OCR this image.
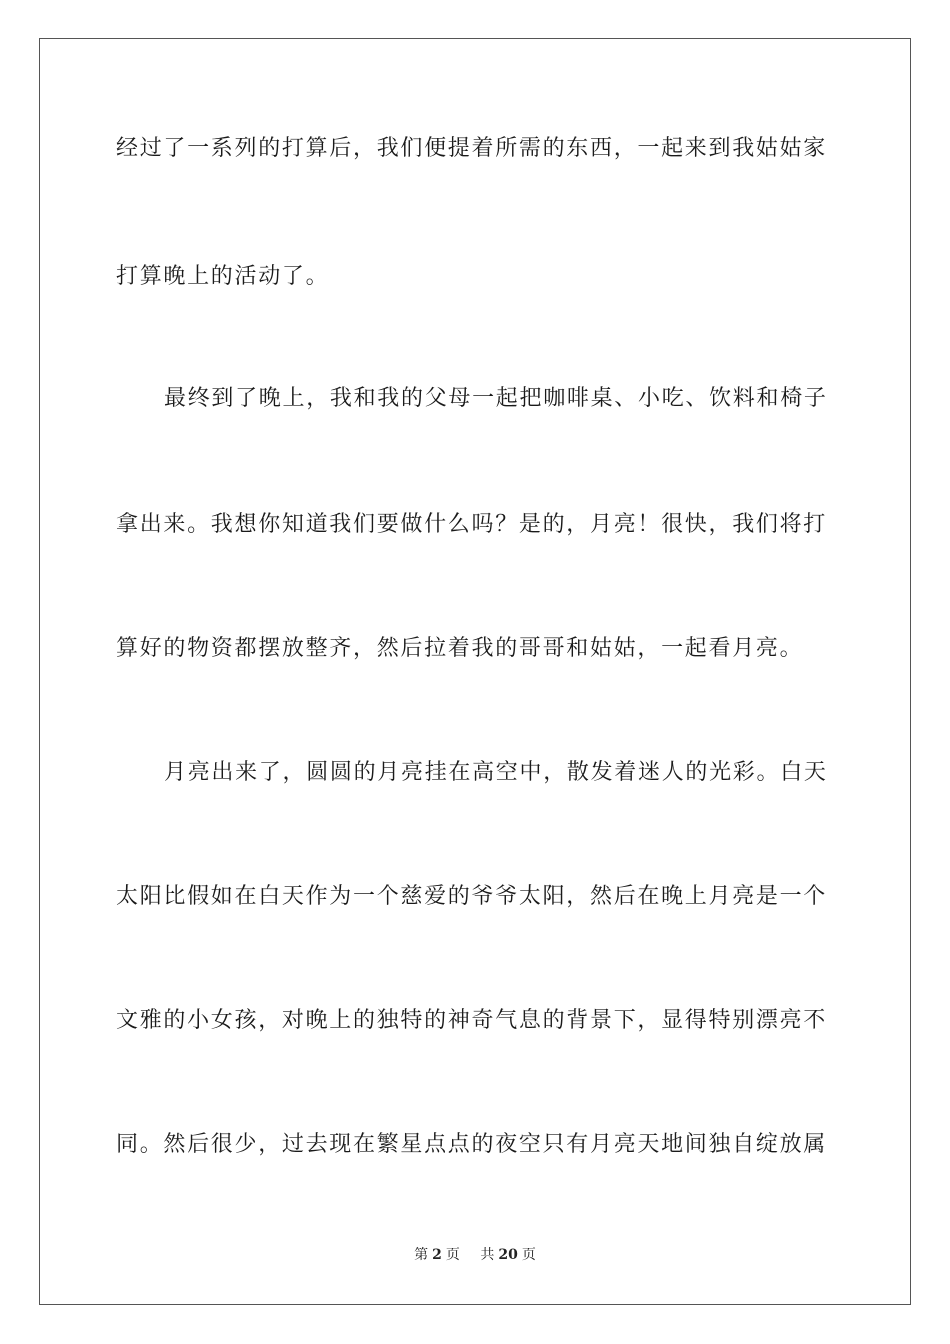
经过了一系列的打算后，我们便提着所需的东西，一起来到我姑姑家
打算晚上的活动了。
最终到了晚上，我和我的父母一起把咖啡桌、小吃、饮料和椅子
拿出来。我想你知道我们要做什么吗？是的，月亮！很快，我们将打
算好的物资都摆放整齐，然后拉着我的哥哥和姑姑，一起看月亮。
月亮出来了，圆圆的月亮挂在高空中，散发着迷人的光彩。白天
太阳比假如在白天作为一个慈爱的爷爷太阳，然后在晚上月亮是一个
文雅的小女孩，对晚上的独特的神奇气息的背景下，显得特别漂亮不
同。然后很少，过去现在繁星点点的夜空只有月亮天地间独自绽放属
第 2 页 共 20 页
